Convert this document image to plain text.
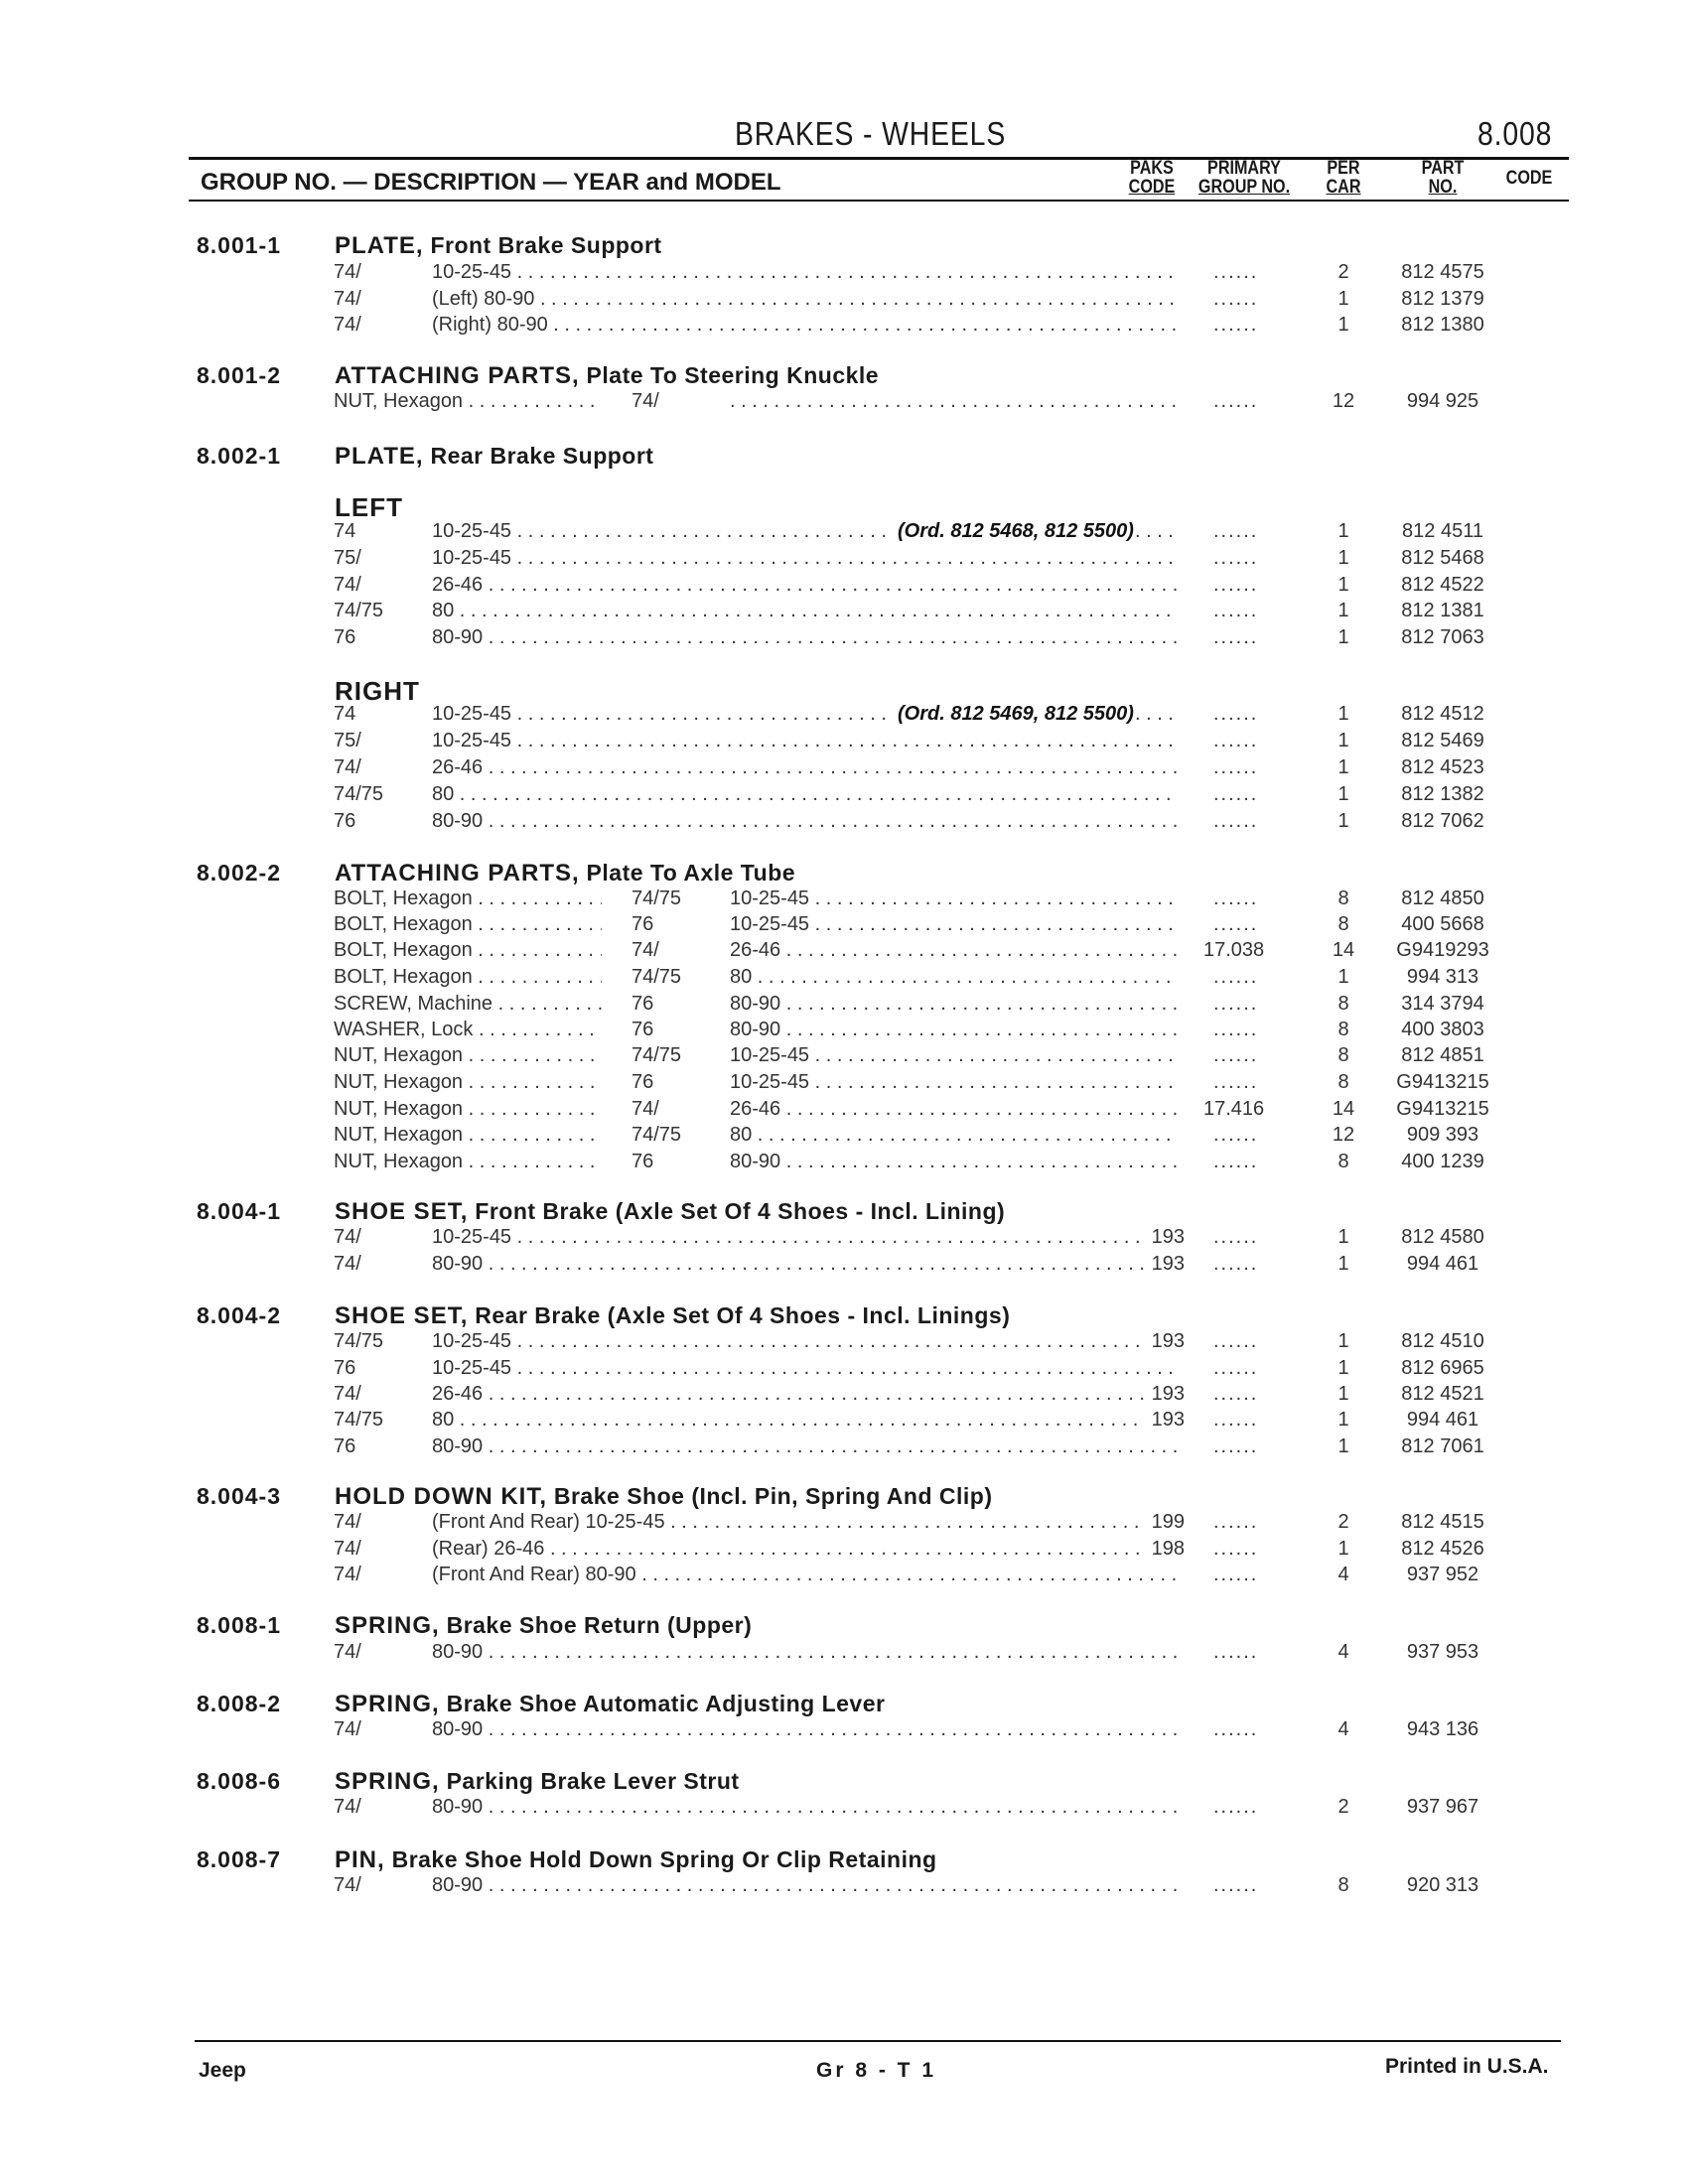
BRAKES - WHEELS	8.008
GROUP NO. — DESCRIPTION — YEAR and MODEL
PAKS
CODE
PRIMARY
GROUP NO.
PER
CAR
PART
NO.	CODE
8.001-1 PLATE, Front Brake Support
74/	10-25-45 . . .	......	2	812 4575
74/	(Left) 80-90 . . .	......	1	812 1379
74/	(Right) 80-90 . . .	......	1	812 1380
8.001-2 ATTACHING PARTS, Plate To Steering Knuckle
NUT, Hexagon . . .	74/
. . .	......	12	994 925
8.002-1 PLATE, Rear Brake Support
LEFT
74	10-25-45 . . .	(Ord. 812 5468, 812 5500)	......	1	812 4511
75/	10-25-45 . . .	......	1	812 5468
74/	26-46 . . .	......	1	812 4522
74/75 80 . . .	......	1	812 1381
76	80-90 . . .	......	1	812 7063
RIGHT
74	10-25-45 . . .	(Ord. 812 5469, 812 5500)	......	1	812 4512
75/	10-25-45 . . .	......	1	812 5469
74/	26-46 . . .	......	1	812 4523
74/75 80 . . .	......	1	812 1382
76	80-90 . . .	......	1	812 7062
8.002-2 ATTACHING PARTS, Plate To Axle Tube
BOLT, Hexagon . . .	74/75 10-25-45 . . .	......	8	812 4850
BOLT, Hexagon . . .	76	10-25-45 . . .	......	8	400 5668
BOLT, Hexagon . . .	74/	26-46 . . .	17.038	14	G9419293
BOLT, Hexagon . . .	74/75 80 . . .	......	1	994 313
SCREW, Machine . . .	76	80-90 . . .	......	8	314 3794
WASHER, Lock . . .	76	80-90 . . .	......	8	400 3803
NUT, Hexagon . . .	74/75 10-25-45 . . .	......	8	812 4851
NUT, Hexagon . . .	76	10-25-45 . . .	......	8	G9413215
NUT, Hexagon . . .	74/	26-46 . . .	17.416	14	G9413215
NUT, Hexagon . . .	74/75 80 . . .	......	12	909 393
NUT, Hexagon . . .	76	80-90 . . .	......	8	400 1239
8.004-1 SHOE SET, Front Brake (Axle Set Of 4 Shoes - Incl. Lining)
74/	10-25-45 . . .	193 ......	1	812 4580
74/	80-90 . . .	193 ......	1	994 461
8.004-2 SHOE SET, Rear Brake (Axle Set Of 4 Shoes - Incl. Linings)
74/75 10-25-45 . . .	193 ......	1	812 4510
76	10-25-45 . . .	......	1	812 6965
74/	26-46 . . .	193 ......	1	812 4521
74/75 80 . . .	193 ......	1	994 461
76	80-90 . . .	......	1	812 7061
8.004-3 HOLD DOWN KIT, Brake Shoe (Incl. Pin, Spring And Clip)
74/	(Front And Rear) 10-25-45 . . .	199 ......	2	812 4515
74/	(Rear) 26-46 . . .	198 ......	1	812 4526
74/	(Front And Rear) 80-90 . . .	......	4	937 952
8.008-1 SPRING, Brake Shoe Return (Upper)
74/	80-90 . . .	......	4	937 953
8.008-2 SPRING, Brake Shoe Automatic Adjusting Lever
74/	80-90 . . .	......	4	943 136
8.008-6 SPRING, Parking Brake Lever Strut
74/	80-90 . . .	......	2	937 967
8.008-7 PIN, Brake Shoe Hold Down Spring Or Clip Retaining
74/	80-90 . . .	......	8	920 313
Jeep	Gr 8 - T 1	Printed in U.S.A.
